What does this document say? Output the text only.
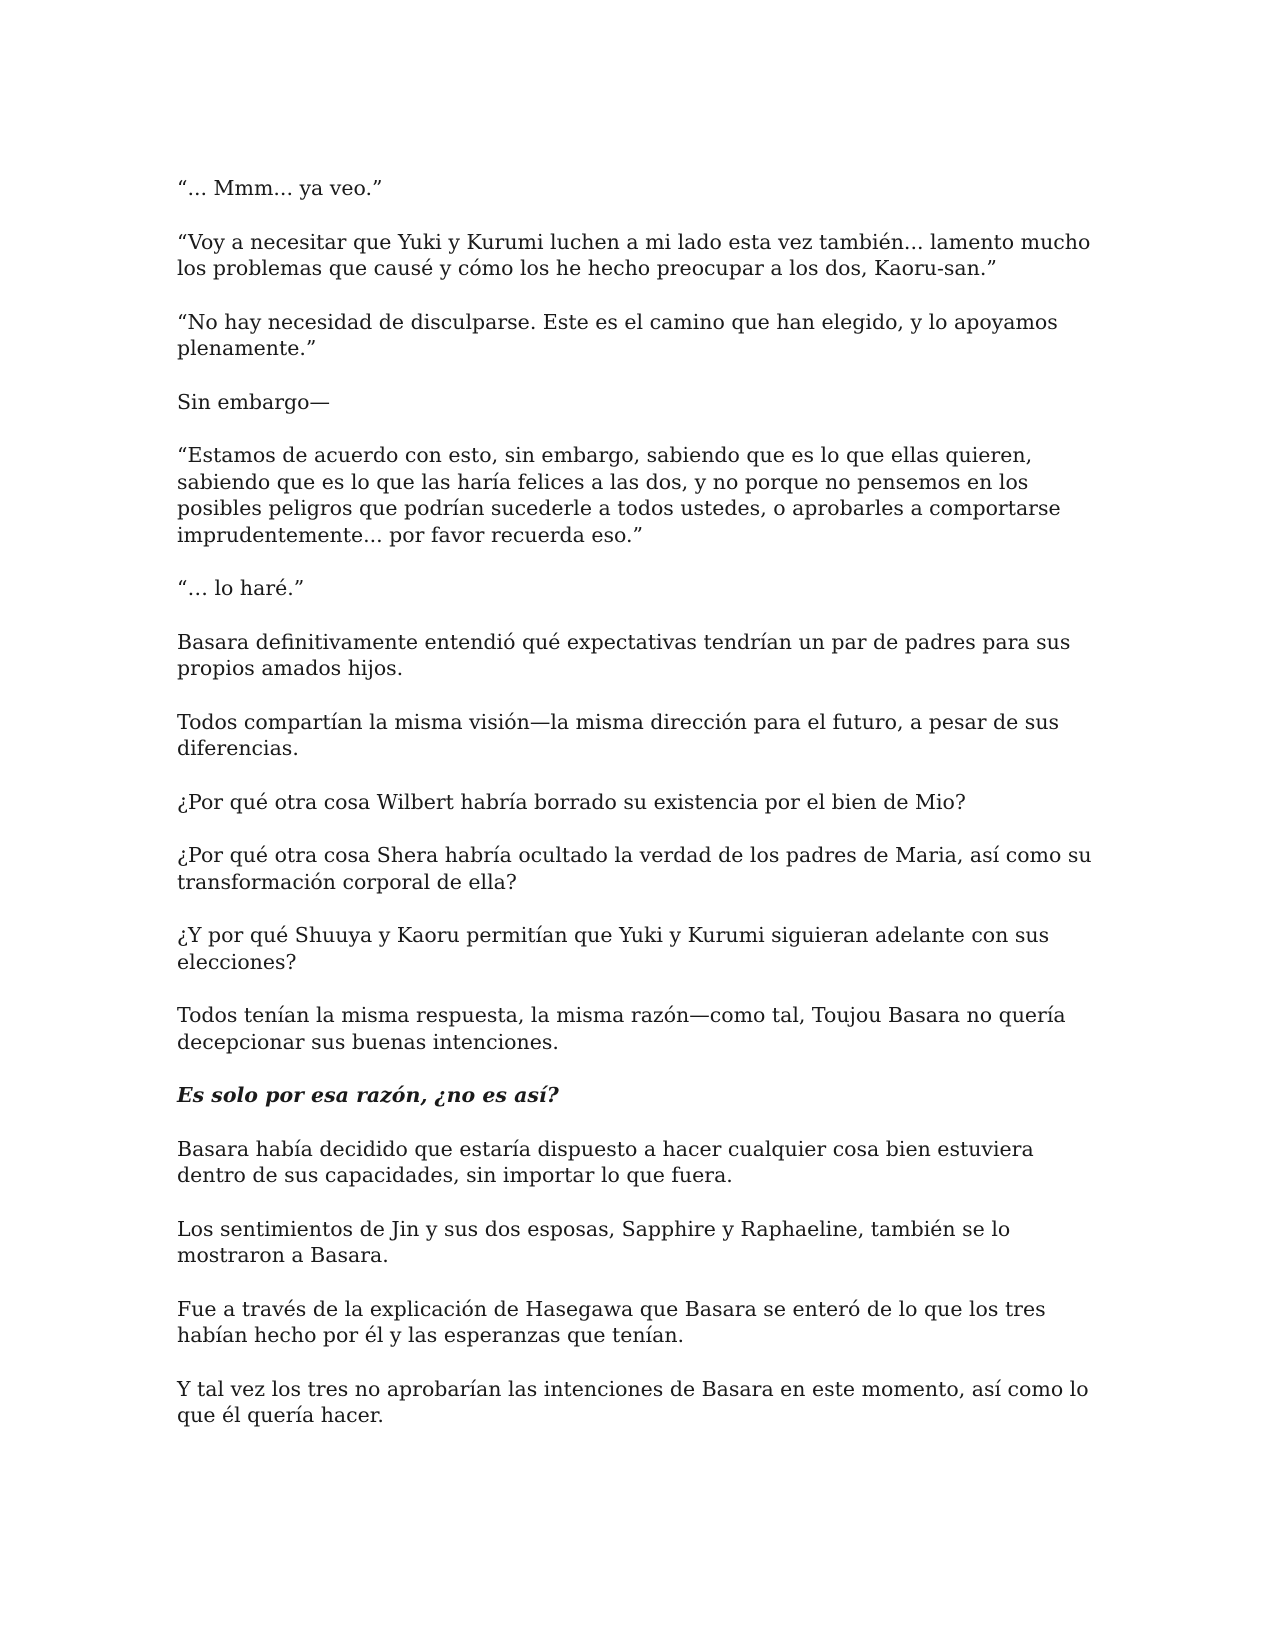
“... Mmm... ya veo.”

“Voy a necesitar que Yuki y Kurumi luchen a mi lado esta vez también... lamento mucho los problemas que causé y cómo los he hecho preocupar a los dos, Kaoru-san.”

“No hay necesidad de disculparse. Este es el camino que han elegido, y lo apoyamos plenamente.”

Sin embargo—

“Estamos de acuerdo con esto, sin embargo, sabiendo que es lo que ellas quieren, sabiendo que es lo que las haría felices a las dos, y no porque no pensemos en los posibles peligros que podrían sucederle a todos ustedes, o aprobarles a comportarse imprudentemente... por favor recuerda eso.”

“… lo haré.”

Basara definitivamente entendió qué expectativas tendrían un par de padres para sus propios amados hijos.

Todos compartían la misma visión—la misma dirección para el futuro, a pesar de sus diferencias.

¿Por qué otra cosa Wilbert habría borrado su existencia por el bien de Mio?

¿Por qué otra cosa Shera habría ocultado la verdad de los padres de Maria, así como su transformación corporal de ella?

¿Y por qué Shuuya y Kaoru permitían que Yuki y Kurumi siguieran adelante con sus elecciones?

Todos tenían la misma respuesta, la misma razón—como tal, Toujou Basara no quería decepcionar sus buenas intenciones.

Es solo por esa razón, ¿no es así?

Basara había decidido que estaría dispuesto a hacer cualquier cosa bien estuviera dentro de sus capacidades, sin importar lo que fuera.

Los sentimientos de Jin y sus dos esposas, Sapphire y Raphaeline, también se lo mostraron a Basara.

Fue a través de la explicación de Hasegawa que Basara se enteró de lo que los tres habían hecho por él y las esperanzas que tenían.

Y tal vez los tres no aprobarían las intenciones de Basara en este momento, así como lo que él quería hacer.
